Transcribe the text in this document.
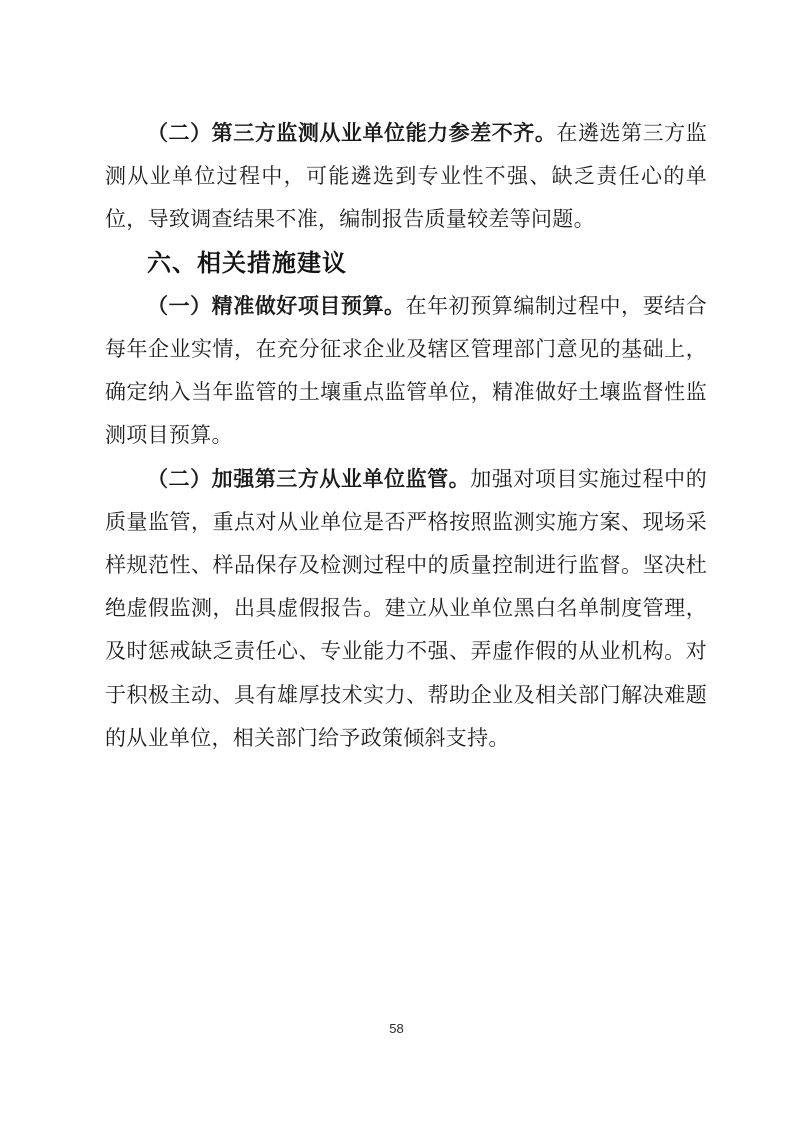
（二）第三方监测从业单位能力参差不齐。在遴选第三方监测从业单位过程中，可能遴选到专业性不强、缺乏责任心的单位，导致调查结果不准，编制报告质量较差等问题。

六、相关措施建议

（一）精准做好项目预算。在年初预算编制过程中，要结合每年企业实情，在充分征求企业及辖区管理部门意见的基础上，确定纳入当年监管的土壤重点监管单位，精准做好土壤监督性监测项目预算。

（二）加强第三方从业单位监管。加强对项目实施过程中的质量监管，重点对从业单位是否严格按照监测实施方案、现场采样规范性、样品保存及检测过程中的质量控制进行监督。坚决杜绝虚假监测，出具虚假报告。建立从业单位黑白名单制度管理，及时惩戒缺乏责任心、专业能力不强、弄虚作假的从业机构。对于积极主动、具有雄厚技术实力、帮助企业及相关部门解决难题的从业单位，相关部门给予政策倾斜支持。

58
